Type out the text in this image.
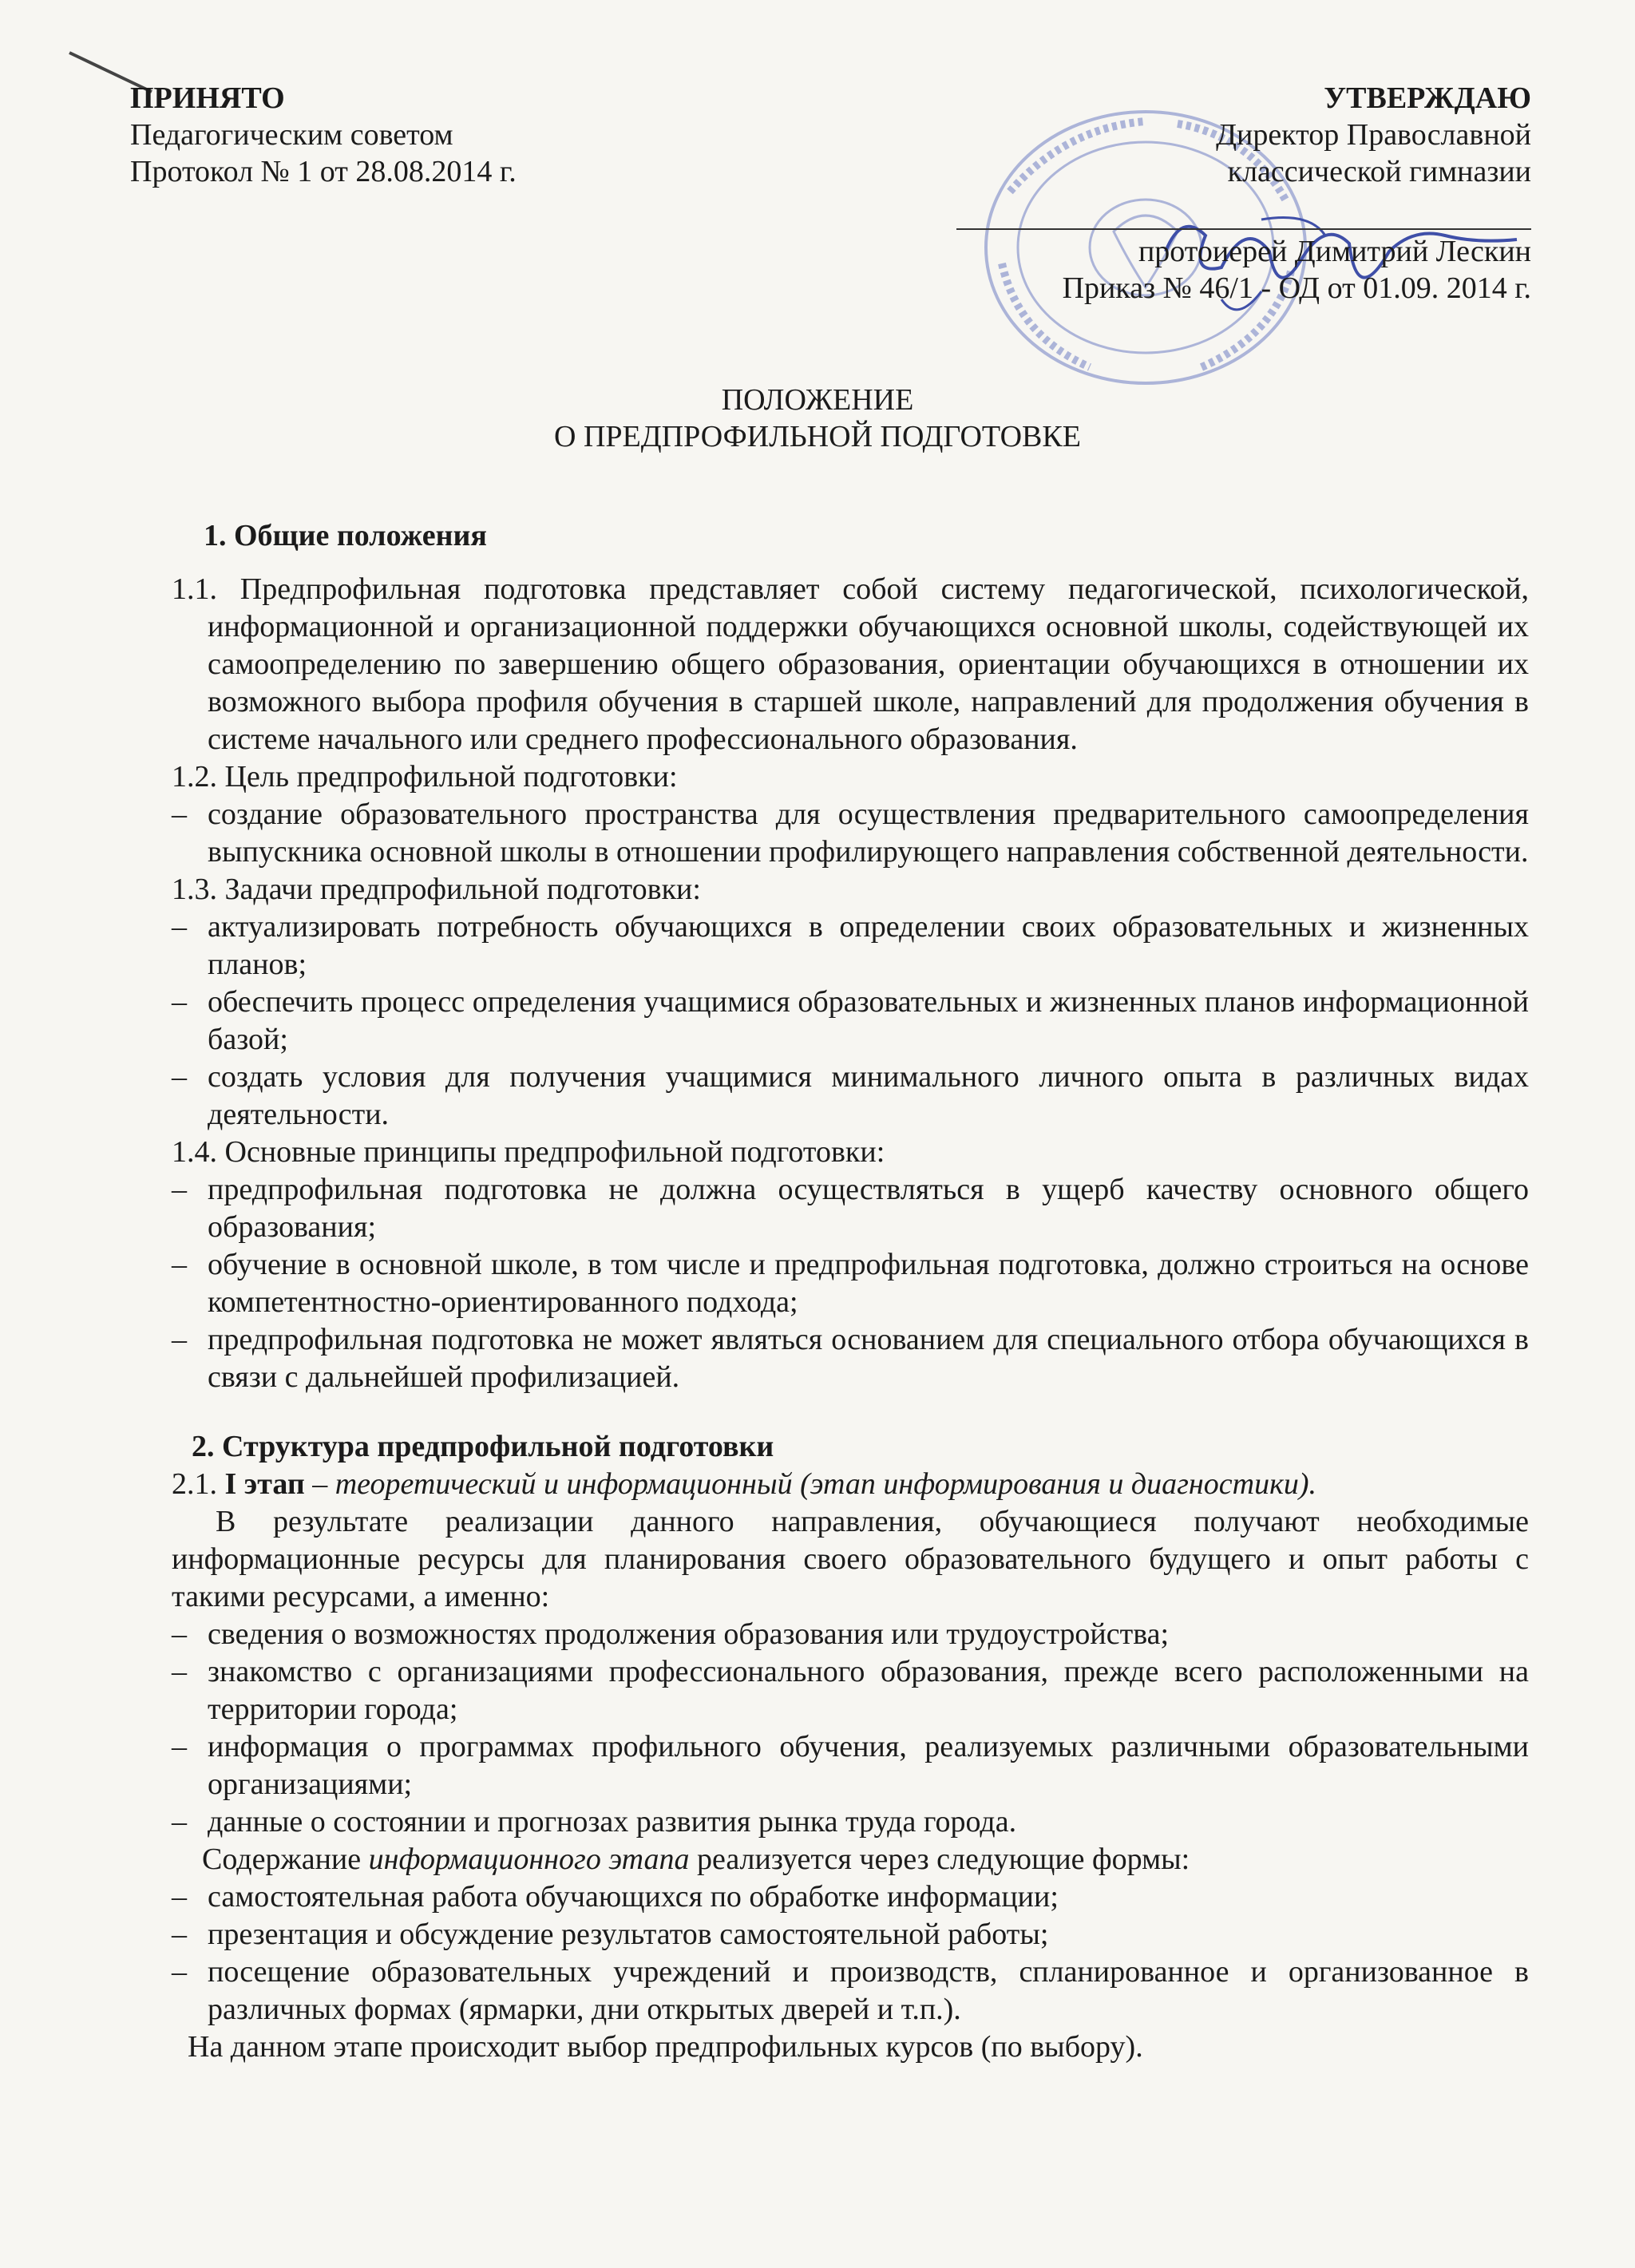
ПРИНЯТО
Педагогическим советом
Протокол № 1 от 28.08.2014 г.
УТВЕРЖДАЮ
Директор Православной
классической гимназии
протоиерей Димитрий Лескин
Приказ № 46/1 - ОД от 01.09. 2014 г.
ПОЛОЖЕНИЕ
О ПРЕДПРОФИЛЬНОЙ ПОДГОТОВКЕ
1. Общие положения

1.1. Предпрофильная подготовка представляет собой систему педагогической, психологической, информационной и организационной поддержки обучающихся основной школы, содействующей их самоопределению по завершению общего образования, ориентации обучающихся в отношении их возможного выбора профиля обучения в старшей школе, направлений для продолжения обучения в системе начального или среднего профессионального образования.

1.2. Цель предпрофильной подготовки:

– создание образовательного пространства для осуществления предварительного самоопределения выпускника основной школы в отношении профилирующего направления собственной деятельности.

1.3. Задачи предпрофильной подготовки:

– актуализировать потребность обучающихся в определении своих образовательных и жизненных планов;
– обеспечить процесс определения учащимися образовательных и жизненных планов информационной базой;
– создать условия для получения учащимися минимального личного опыта в различных видах деятельности.

1.4. Основные принципы предпрофильной подготовки:

– предпрофильная подготовка не должна осуществляться в ущерб качеству основного общего образования;
– обучение в основной школе, в том числе и предпрофильная подготовка, должно строиться на основе компетентностно-ориентированного подхода;
– предпрофильная подготовка не может являться основанием для специального отбора обучающихся в связи с дальнейшей профилизацией.
2. Структура предпрофильной подготовки

2.1. I этап – теоретический и информационный (этап информирования и диагностики).

В результате реализации данного направления, обучающиеся получают необходимые информационные ресурсы для планирования своего образовательного будущего и опыт работы с такими ресурсами, а именно:

– сведения о возможностях продолжения образования или трудоустройства;
– знакомство с организациями профессионального образования, прежде всего расположенными на территории города;
– информация о программах профильного обучения, реализуемых различными образовательными организациями;
– данные о состоянии и прогнозах развития рынка труда города.

Содержание информационного этапа реализуется через следующие формы:

– самостоятельная работа обучающихся по обработке информации;
– презентация и обсуждение результатов самостоятельной работы;
– посещение образовательных учреждений и производств, спланированное и организованное в различных формах (ярмарки, дни открытых дверей и т.п.).

На данном этапе происходит выбор предпрофильных курсов (по выбору).
